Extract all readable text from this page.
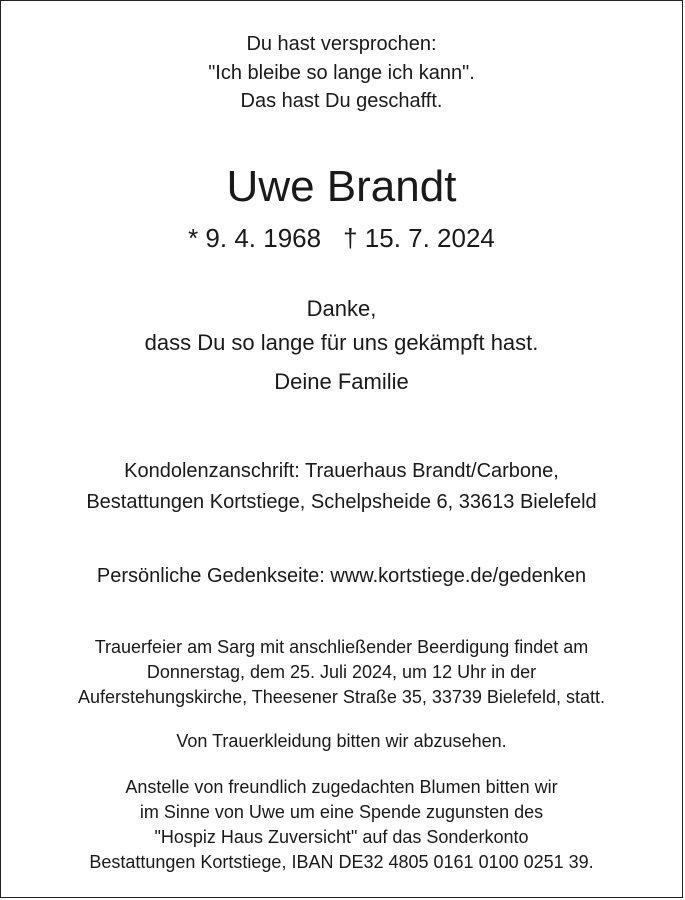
Du hast versprochen:
"Ich bleibe so lange ich kann".
Das hast Du geschafft.
Uwe Brandt
* 9. 4. 1968 † 15. 7. 2024
Danke,
dass Du so lange für uns gekämpft hast.
Deine Familie
Kondolenzanschrift: Trauerhaus Brandt/Carbone,
Bestattungen Kortstiege, Schelpsheide 6, 33613 Bielefeld
Persönliche Gedenkseite: www.kortstiege.de/gedenken
Trauerfeier am Sarg mit anschließender Beerdigung findet am
Donnerstag, dem 25. Juli 2024, um 12 Uhr in der
Auferstehungskirche, Theesener Straße 35, 33739 Bielefeld, statt.
Von Trauerkleidung bitten wir abzusehen.
Anstelle von freundlich zugedachten Blumen bitten wir
im Sinne von Uwe um eine Spende zugunsten des
"Hospiz Haus Zuversicht" auf das Sonderkonto
Bestattungen Kortstiege, IBAN DE32 4805 0161 0100 0251 39.
